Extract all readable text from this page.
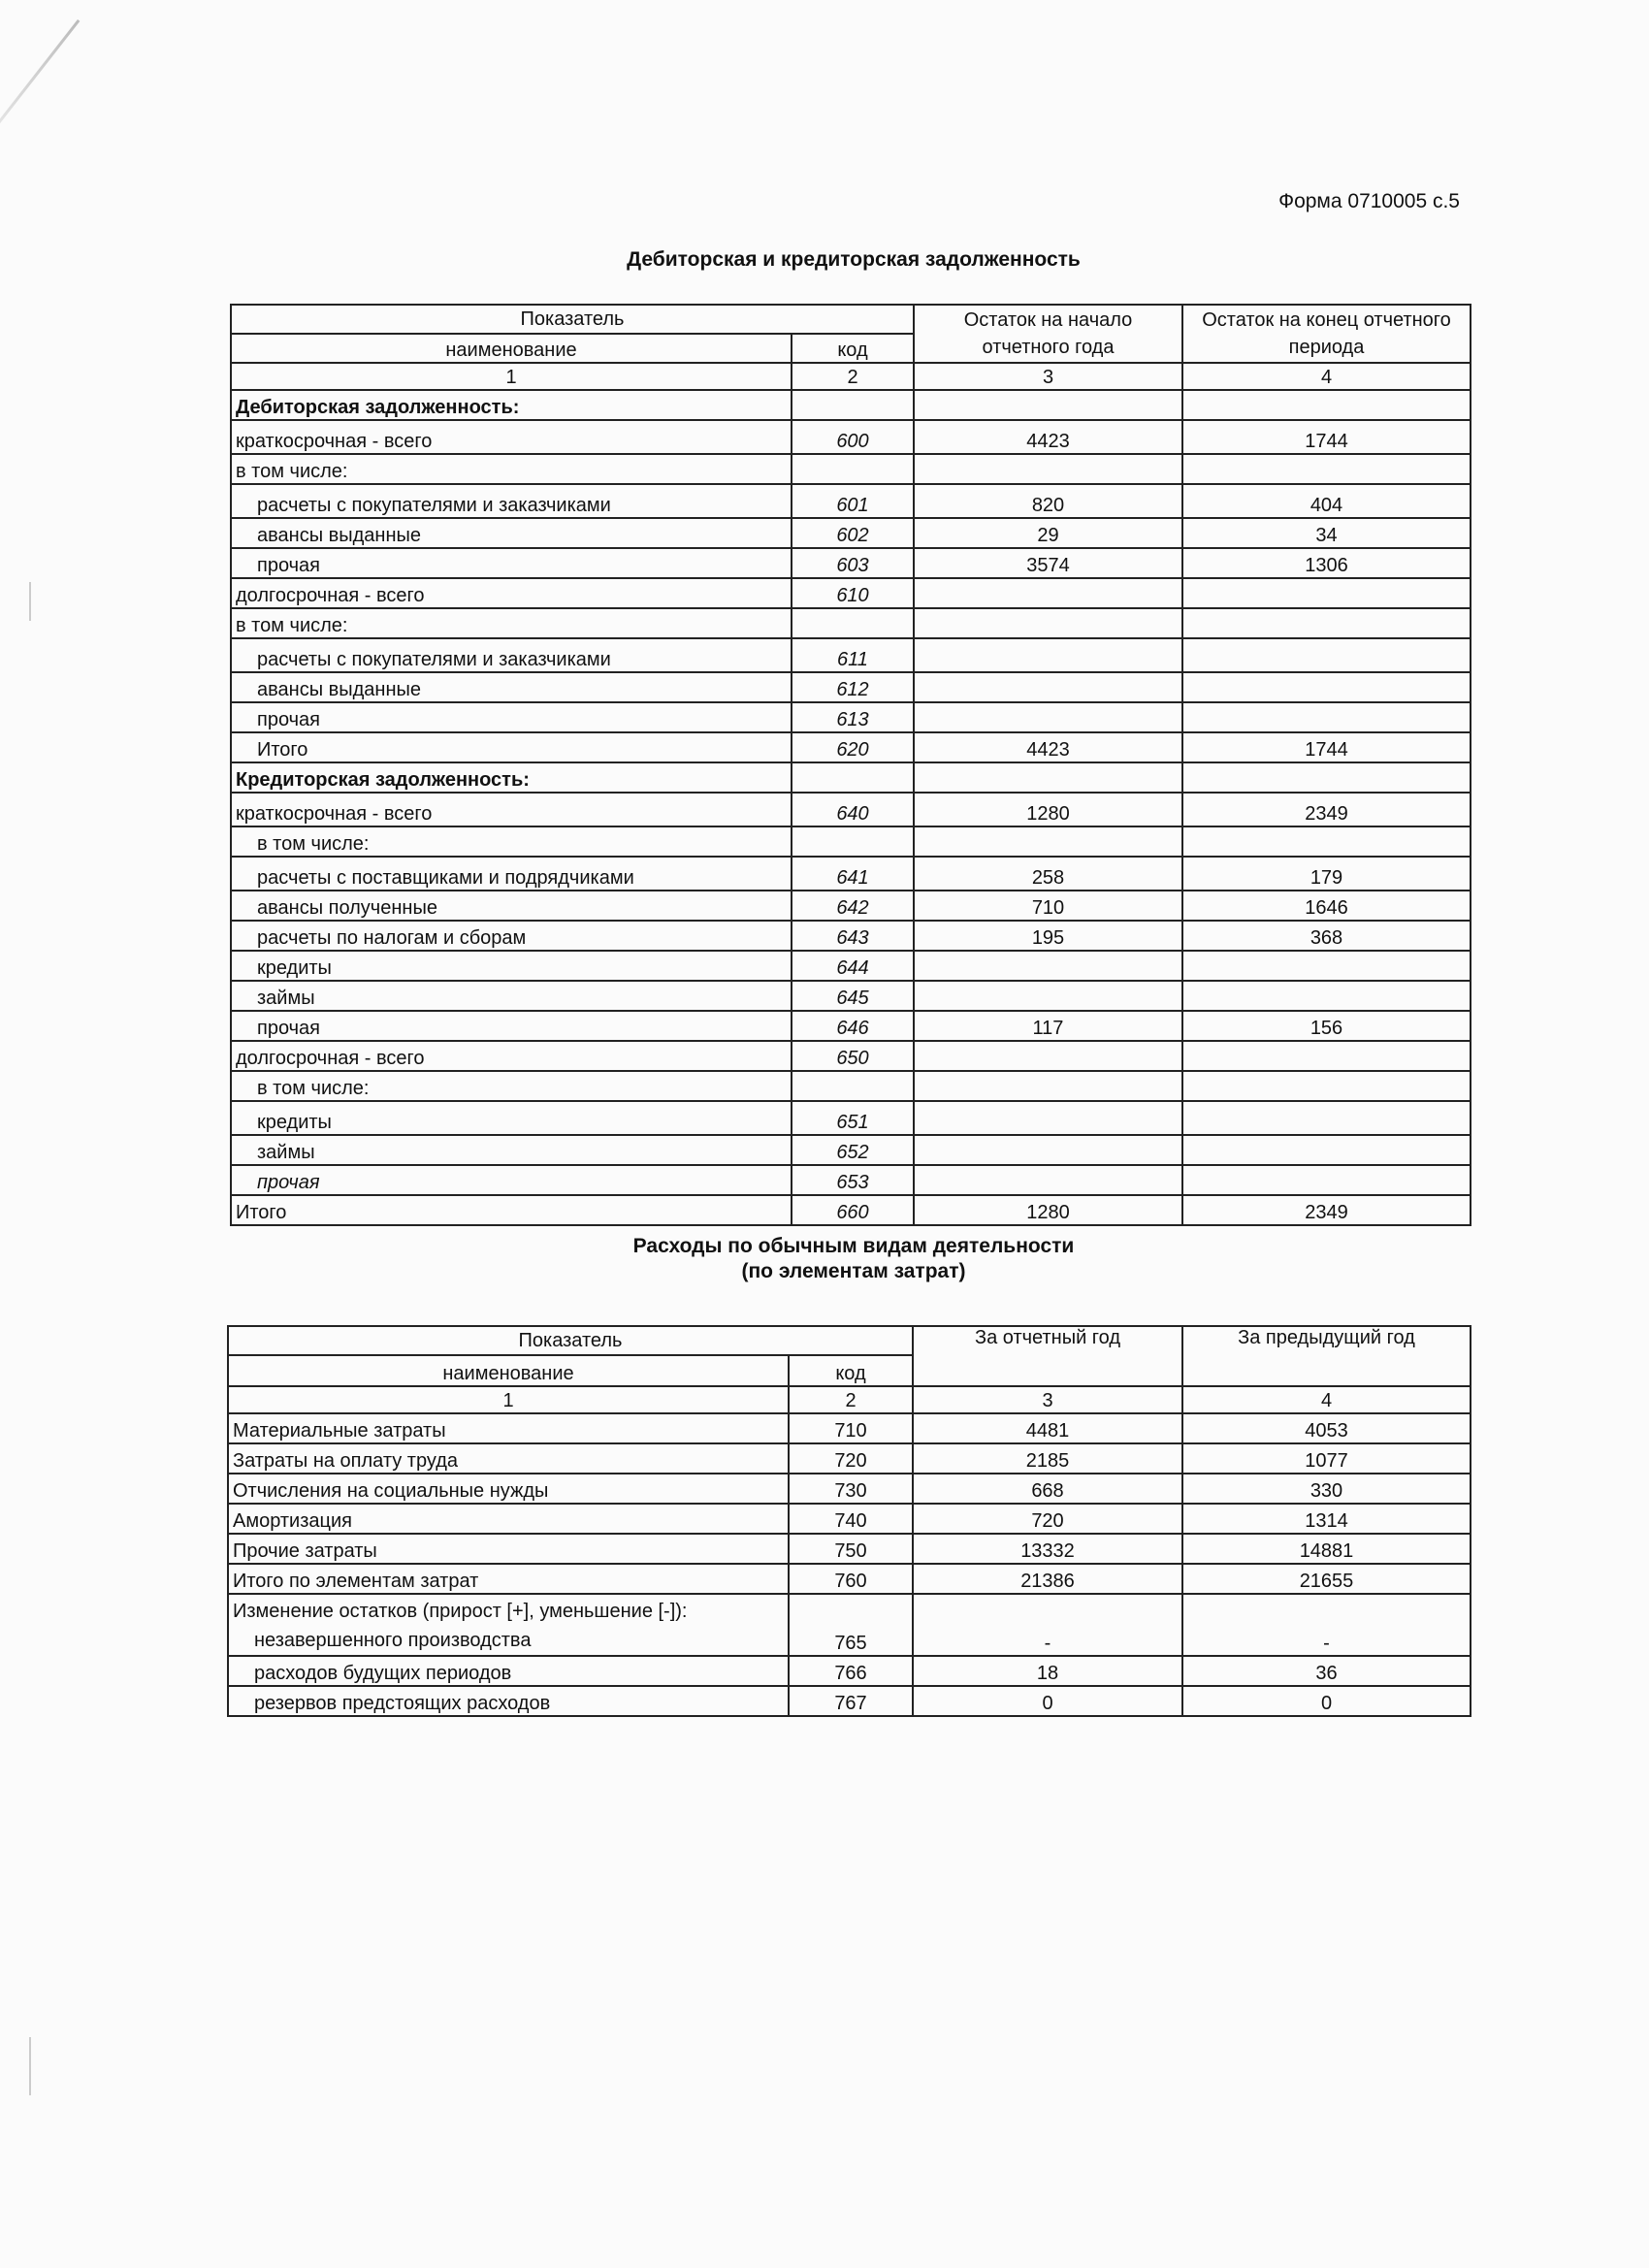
Форма 0710005 с.5
Дебиторская и кредиторская задолженность
Показатель	Остаток на начало отчетного года	Остаток на конец отчетного периода
наименование	код
1	2	3	4
Дебиторская задолженность:			
краткосрочная - всего	600	4423	1744
в том числе:			
расчеты с покупателями и заказчиками	601	820	404
авансы выданные	602	29	34
прочая	603	3574	1306
долгосрочная - всего	610		
в том числе:			
расчеты с покупателями и заказчиками	611		
авансы выданные	612		
прочая	613		
Итого	620	4423	1744
Кредиторская задолженность:			
краткосрочная - всего	640	1280	2349
в том числе:			
расчеты с поставщиками и подрядчиками	641	258	179
авансы полученные	642	710	1646
расчеты по налогам и сборам	643	195	368
кредиты	644		
займы	645		
прочая	646	117	156
долгосрочная - всего	650		
в том числе:			
кредиты	651		
займы	652		
прочая	653		
Итого	660	1280	2349
Расходы по обычным видам деятельности
(по элементам затрат)
Показатель	За отчетный год	За предыдущий год
наименование	код
1	2	3	4
Материальные затраты	710	4481	4053
Затраты на оплату труда	720	2185	1077
Отчисления на социальные нужды	730	668	330
Амортизация	740	720	1314
Прочие затраты	750	13332	14881
Итого по элементам затрат	760	21386	21655

Изменение остатков (прирост [+], уменьшение [-]):
незавершенного производства	765	-	-
расходов будущих периодов	766	18	36
резервов предстоящих расходов	767	0	0
